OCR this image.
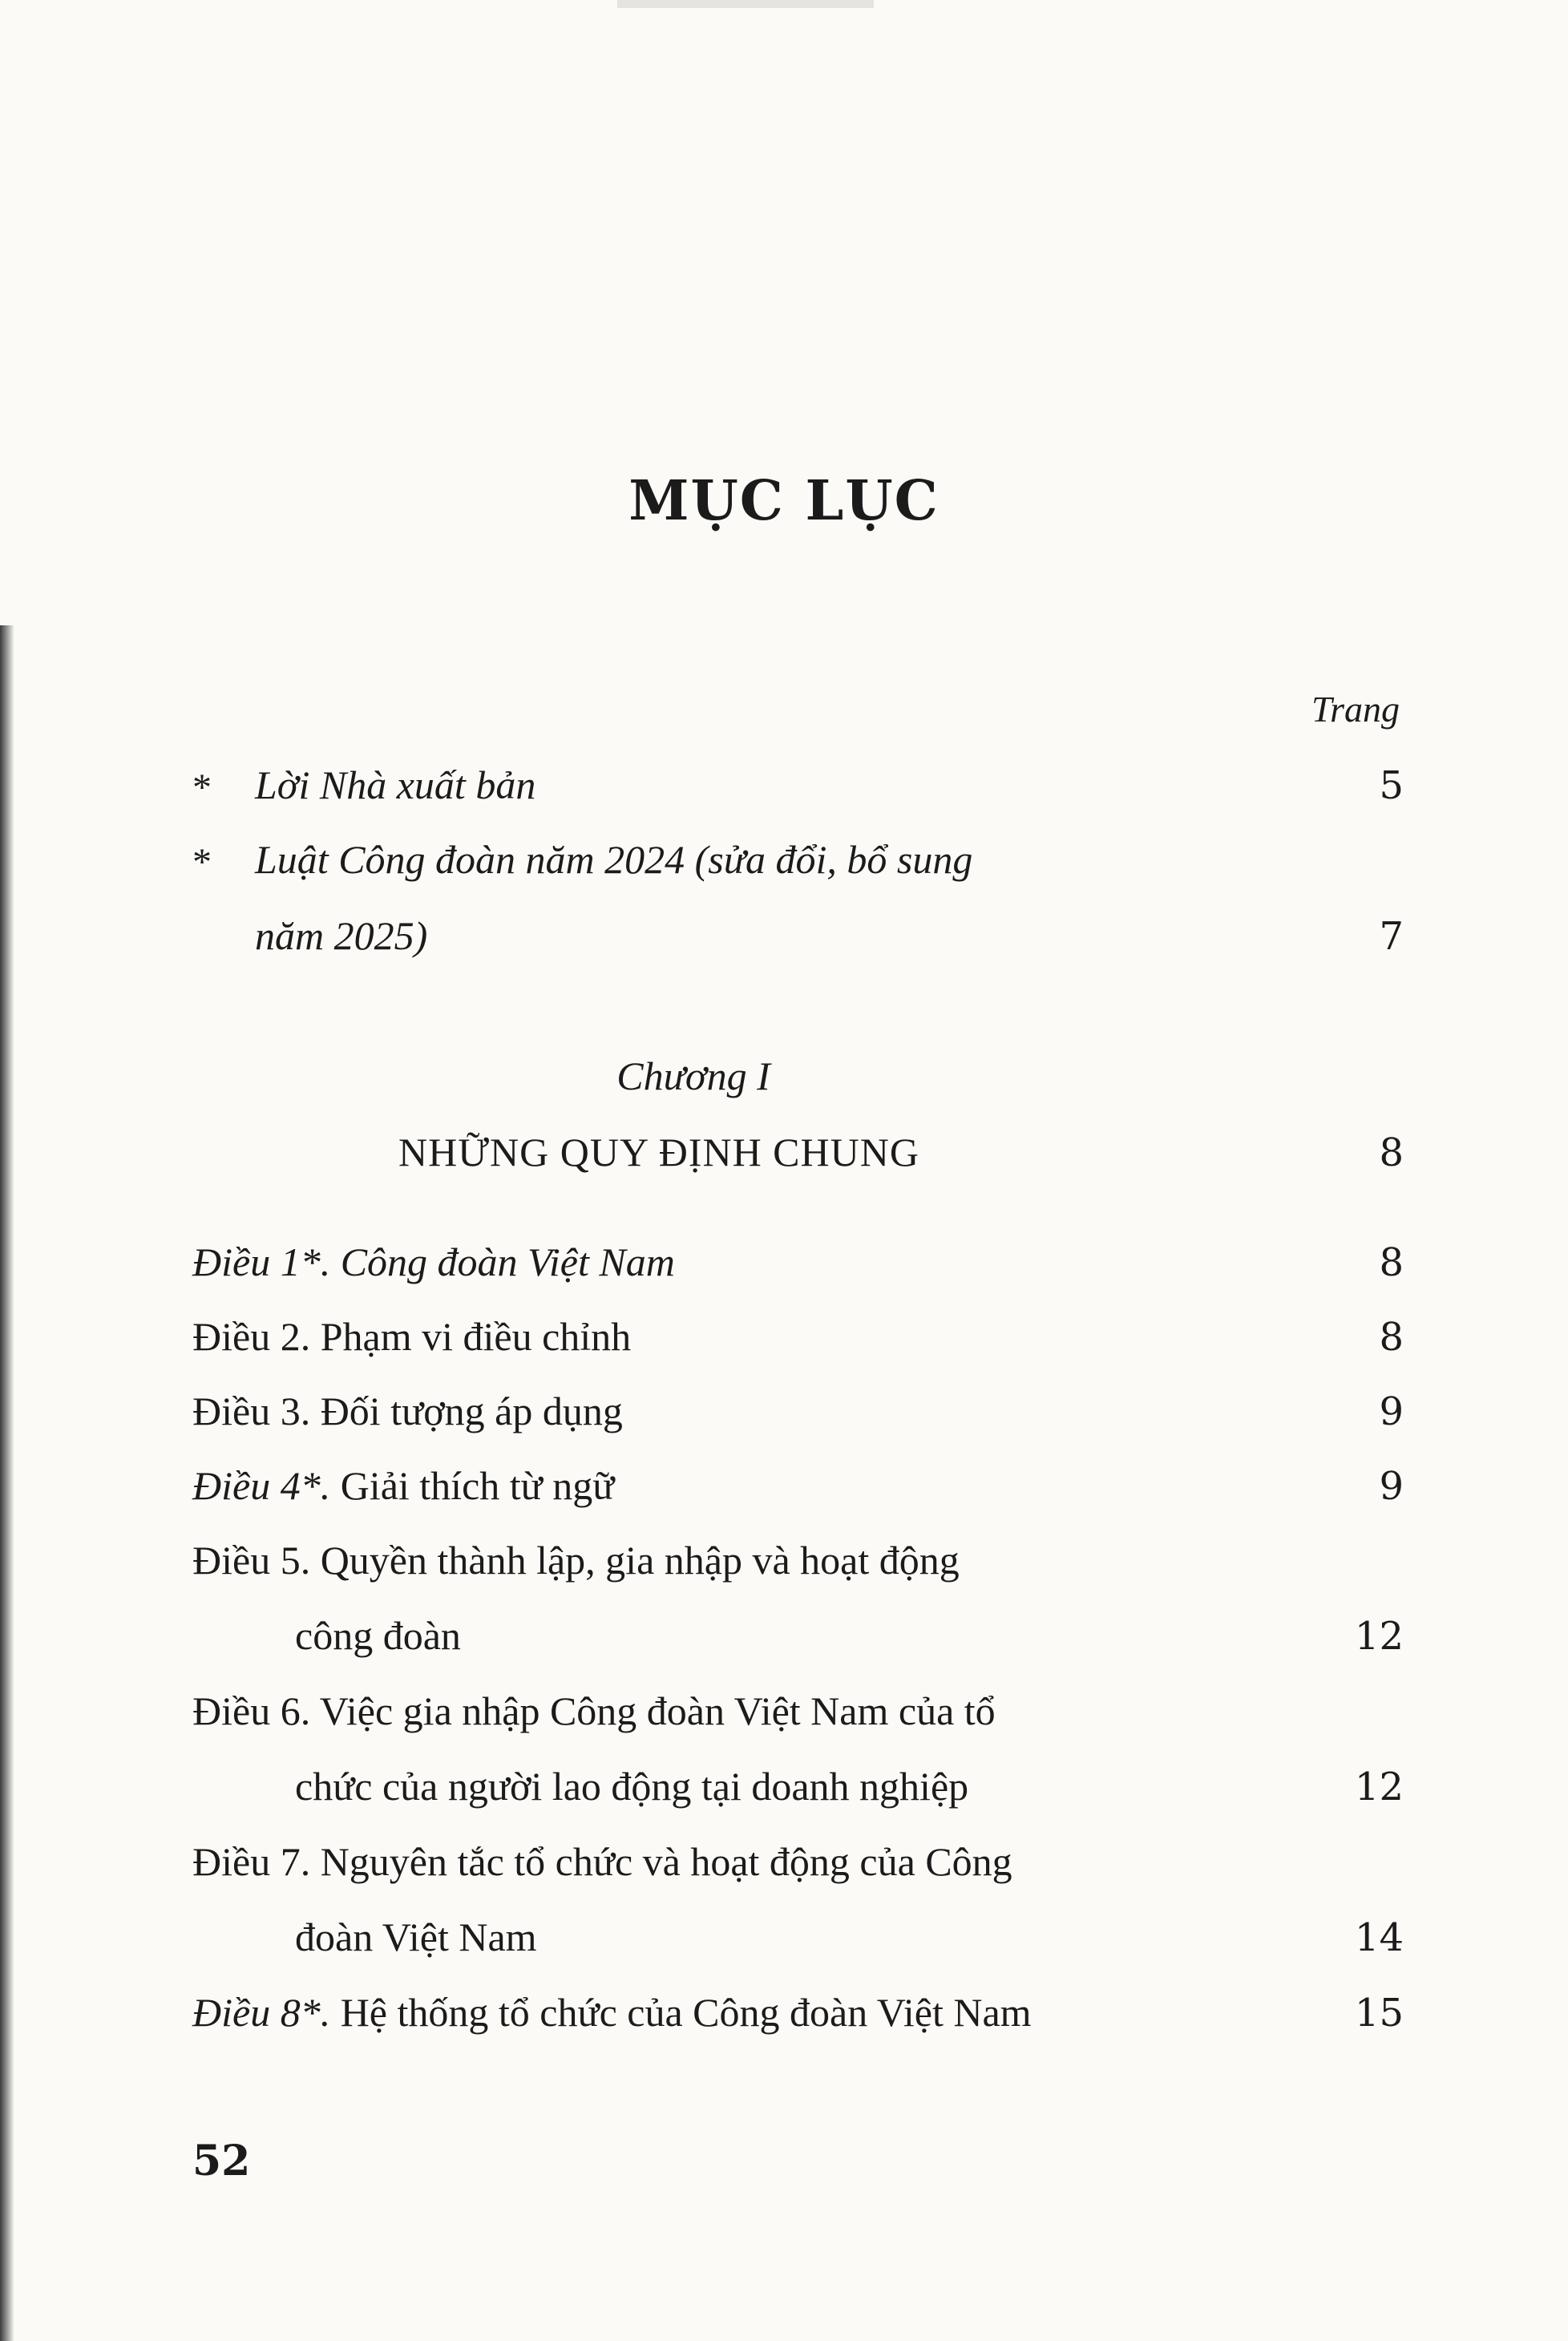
MỤC LỤC
Trang
* Lời Nhà xuất bản	5
* Luật Công đoàn năm 2024 (sửa đổi, bổ sung
năm 2025)	7
Chương I
NHỮNG QUY ĐỊNH CHUNG	8
Điều 1*. Công đoàn Việt Nam	8
Điều 2. Phạm vi điều chỉnh	8
Điều 3. Đối tượng áp dụng	9
Điều 4*. Giải thích từ ngữ	9
Điều 5. Quyền thành lập, gia nhập và hoạt động
công đoàn	12
Điều 6. Việc gia nhập Công đoàn Việt Nam của tổ
chức của người lao động tại doanh nghiệp	12
Điều 7. Nguyên tắc tổ chức và hoạt động của Công
đoàn Việt Nam	14
Điều 8*. Hệ thống tổ chức của Công đoàn Việt Nam	15
52
